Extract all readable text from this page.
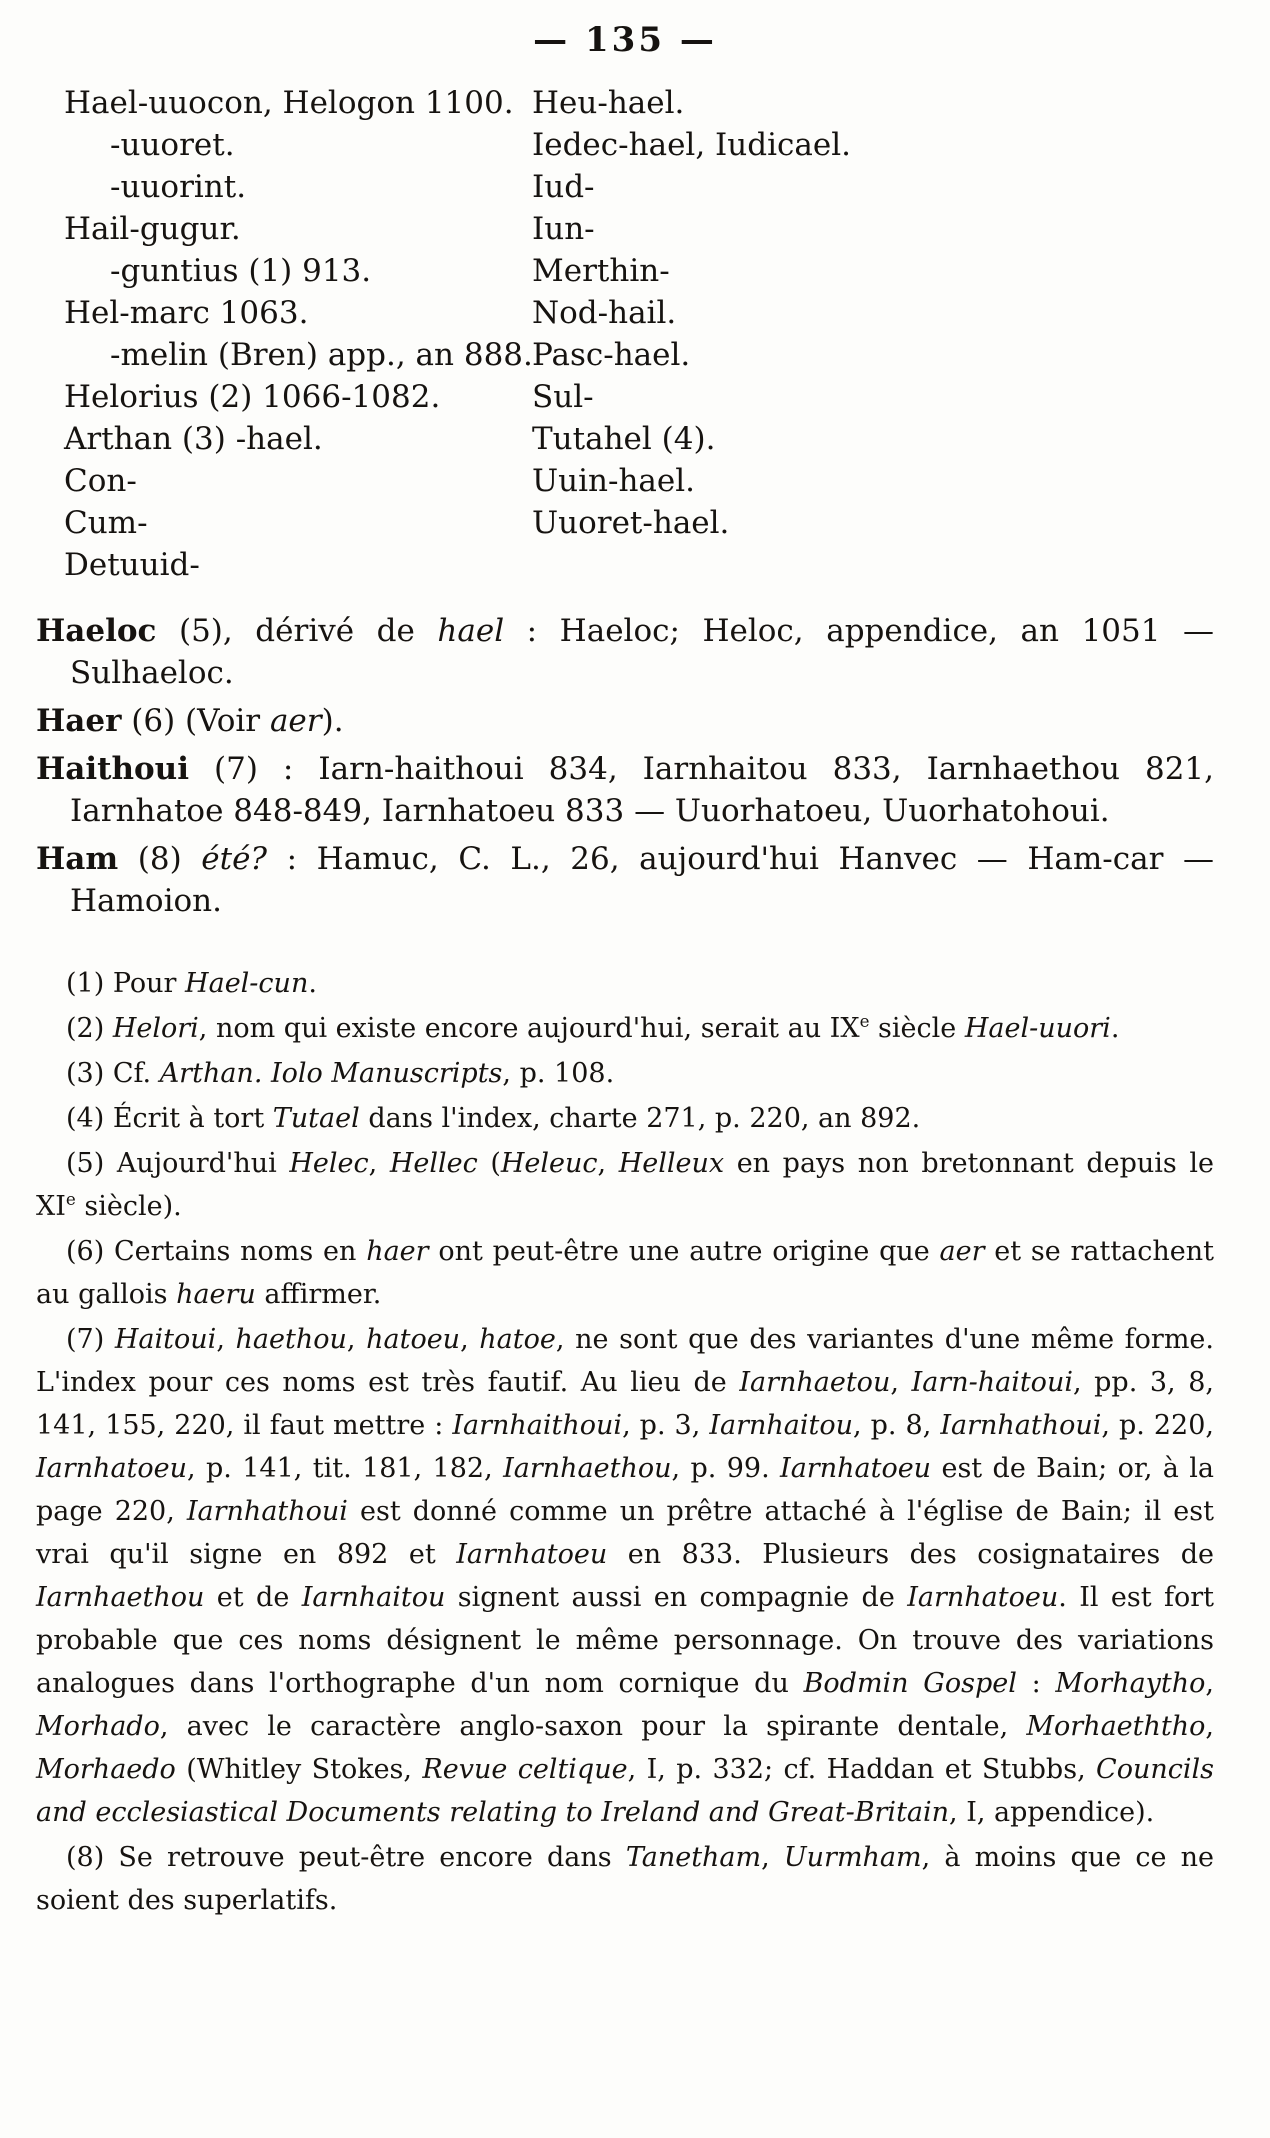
— 135 —
Hael-uuocon, Helogon 1100.
-uuoret.
-uuorint.
Hail-gugur.
-guntius (1) 913.
Hel-marc 1063.
-melin (Bren) app., an 888.
Helorius (2) 1066-1082.
Arthan (3) -hael.
Con-
Cum-
Detuuid-
Heu-hael.
Iedec-hael, Iudicael.
Iud-
Iun-
Merthin-
Nod-hail.
Pasc-hael.
Sul-
Tutahel (4).
Uuin-hael.
Uuoret-hael.
Haeloc (5), dérivé de hael : Haeloc; Heloc, appendice, an 1051 — Sulhaeloc.
Haer (6) (Voir aer).
Haithoui (7) : Iarn-haithoui 834, Iarnhaitou 833, Iarnhaethou 821, Iarnhatoe 848-849, Iarnhatoeu 833 — Uuorhatoeu, Uuorhatohoui.
Ham (8) été? : Hamuc, C. L., 26, aujourd'hui Hanvec — Ham-car — Hamoion.
(1) Pour Hael-cun.
(2) Helori, nom qui existe encore aujourd'hui, serait au IXe siècle Hael-uuori.
(3) Cf. Arthan. Iolo Manuscripts, p. 108.
(4) Écrit à tort Tutael dans l'index, charte 271, p. 220, an 892.
(5) Aujourd'hui Helec, Hellec (Heleuc, Helleux en pays non bretonnant depuis le XIe siècle).
(6) Certains noms en haer ont peut-être une autre origine que aer et se rattachent au gallois haeru affirmer.
(7) Haitoui, haethou, hatoeu, hatoe, ne sont que des variantes d'une même forme. L'index pour ces noms est très fautif. Au lieu de Iarnhaetou, Iarn-haitoui, pp. 3, 8, 141, 155, 220, il faut mettre : Iarnhaithoui, p. 3, Iarnhaitou, p. 8, Iarnhathoui, p. 220, Iarnhatoeu, p. 141, tit. 181, 182, Iarnhaethou, p. 99. Iarnhatoeu est de Bain; or, à la page 220, Iarnhathoui est donné comme un prêtre attaché à l'église de Bain; il est vrai qu'il signe en 892 et Iarnhatoeu en 833. Plusieurs des cosignataires de Iarnhaethou et de Iarnhaitou signent aussi en compagnie de Iarnhatoeu. Il est fort probable que ces noms désignent le même personnage. On trouve des variations analogues dans l'orthographe d'un nom cornique du Bodmin Gospel : Morhaytho, Morhado, avec le caractère anglo-saxon pour la spirante dentale, Morhaeththo, Morhaedo (Whitley Stokes, Revue celtique, I, p. 332; cf. Haddan et Stubbs, Councils and ecclesiastical Documents relating to Ireland and Great-Britain, I, appendice).
(8) Se retrouve peut-être encore dans Tanetham, Uurmham, à moins que ce ne soient des superlatifs.
